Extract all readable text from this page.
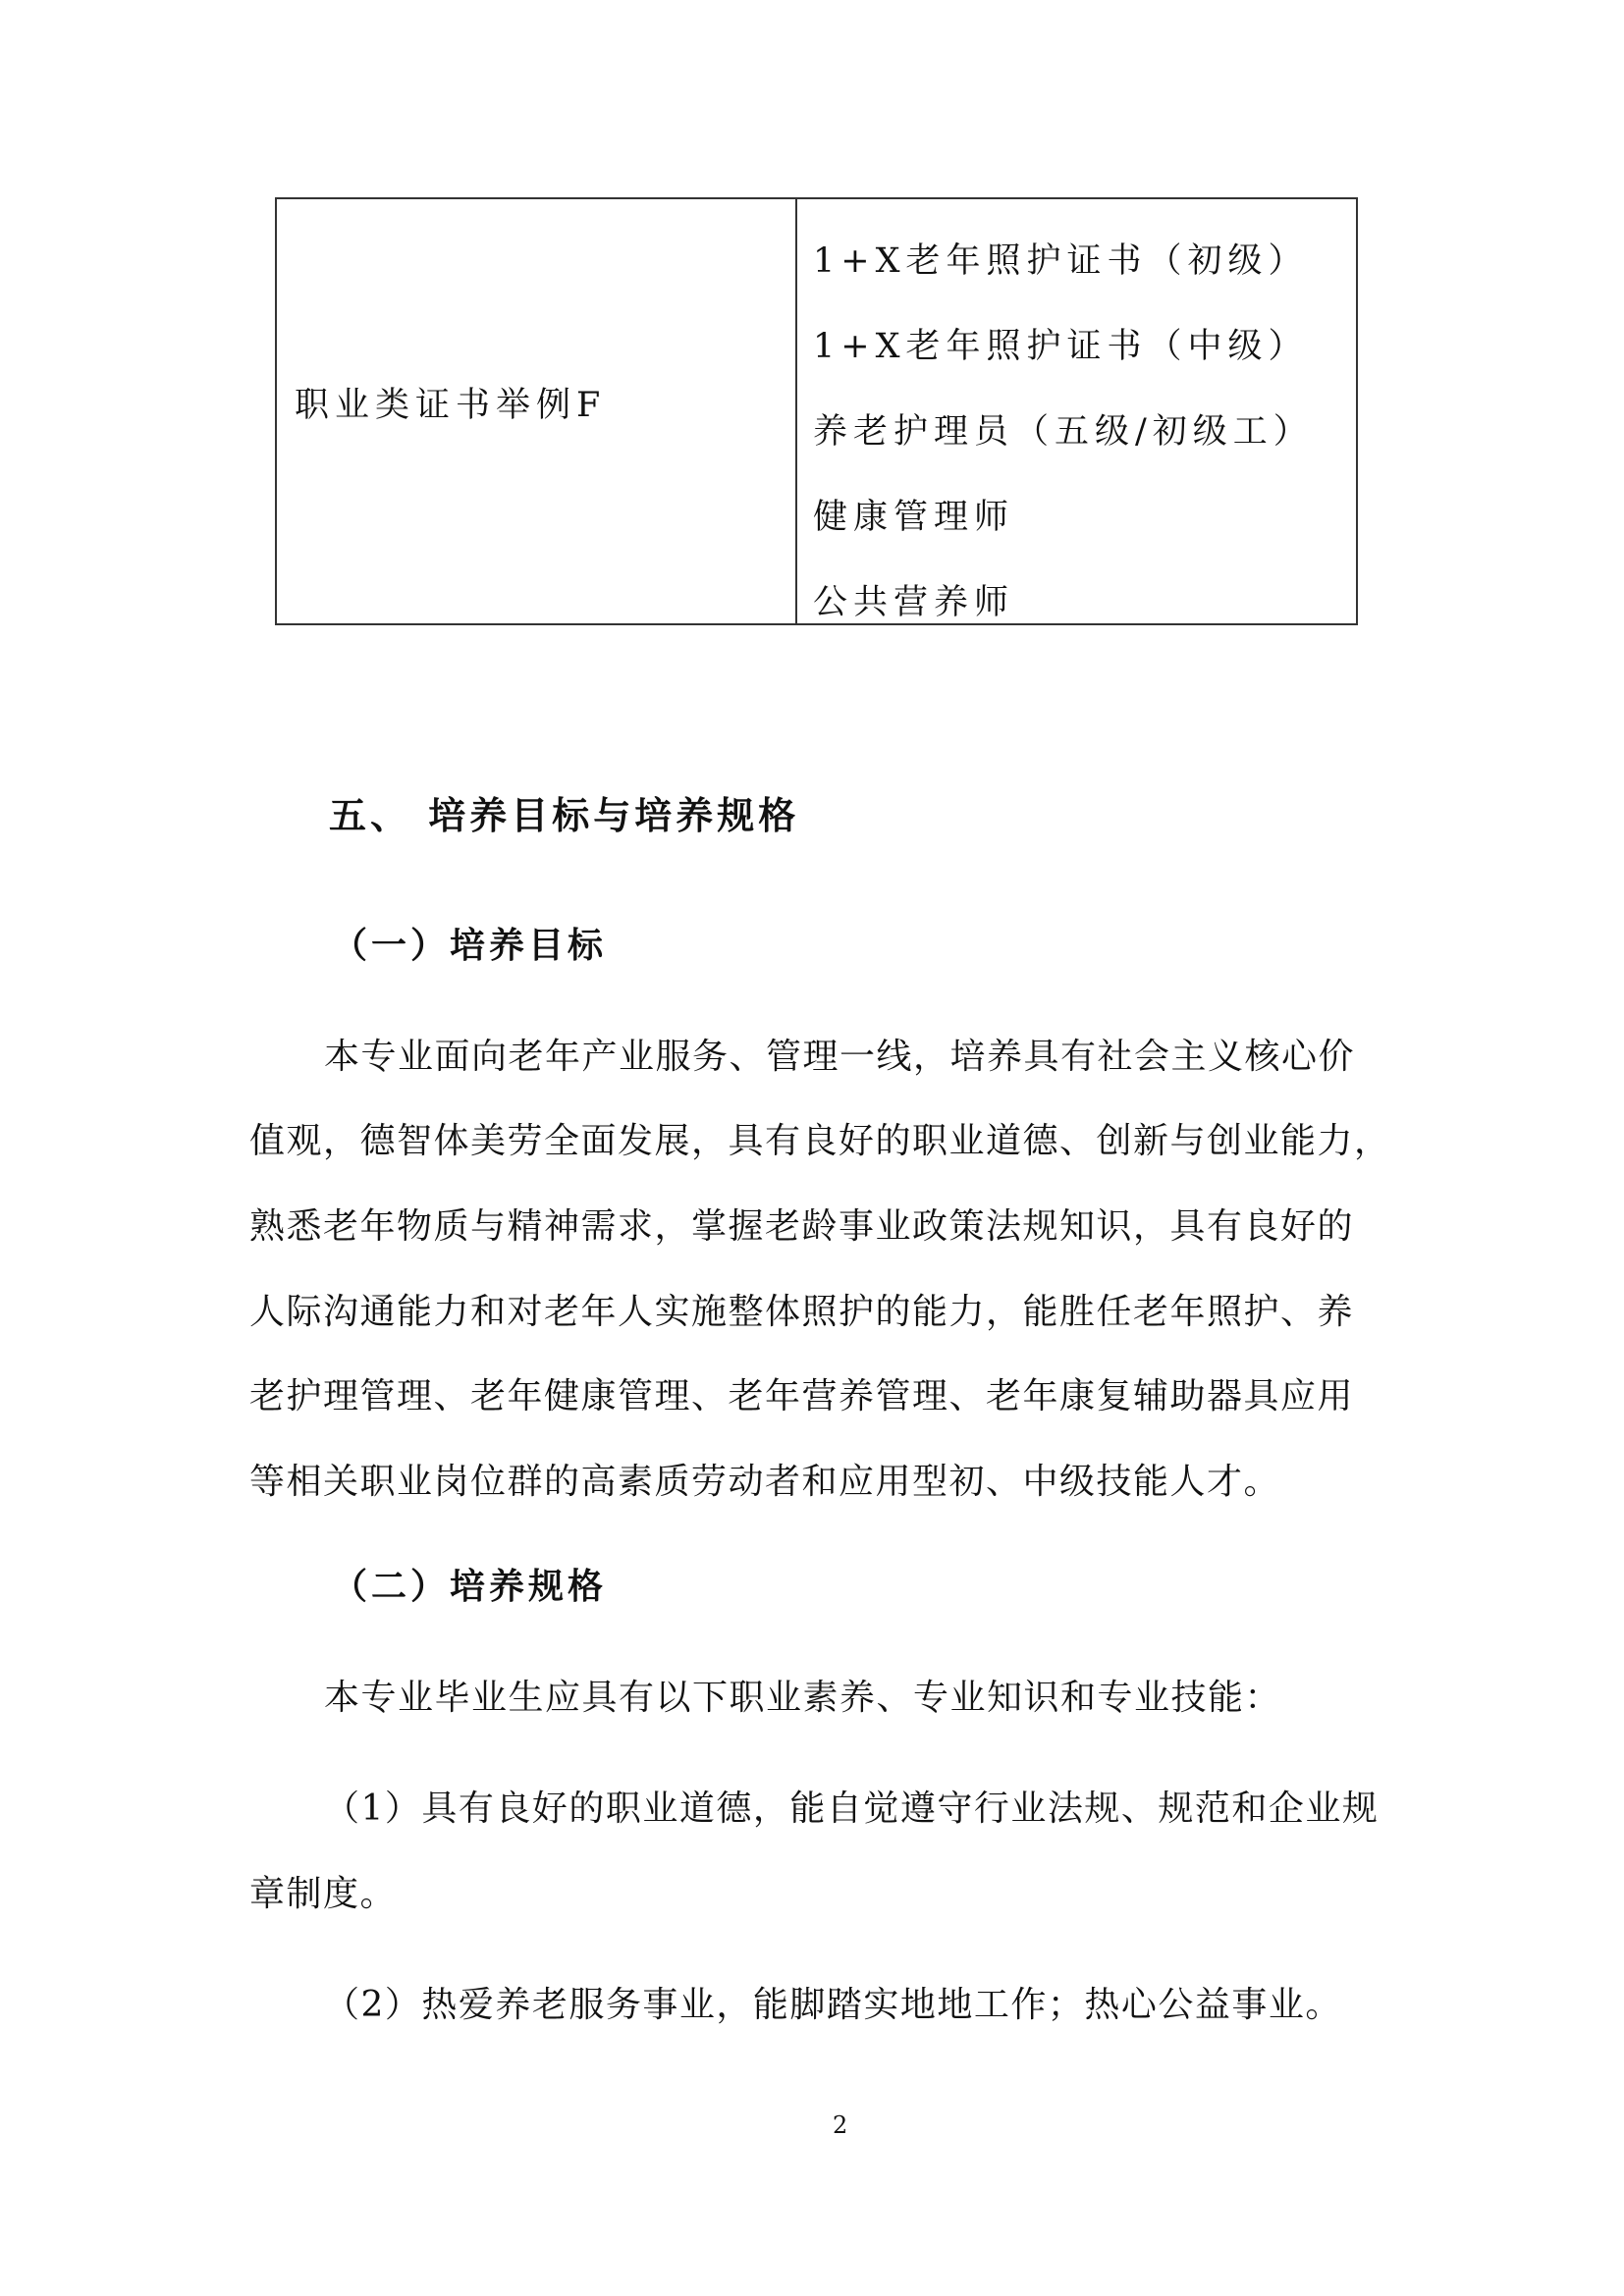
职业类证书举例F
1+X老年照护证书（初级）
1+X老年照护证书（中级）
养老护理员（五级/初级工）
健康管理师
公共营养师
五、 培养目标与培养规格
（一）培养目标
本专业面向老年产业服务、管理一线，培养具有社会主义核心价
值观，德智体美劳全面发展，具有良好的职业道德、创新与创业能力，
熟悉老年物质与精神需求，掌握老龄事业政策法规知识，具有良好的
人际沟通能力和对老年人实施整体照护的能力，能胜任老年照护、养
老护理管理、老年健康管理、老年营养管理、老年康复辅助器具应用
等相关职业岗位群的高素质劳动者和应用型初、中级技能人才。
（二）培养规格
本专业毕业生应具有以下职业素养、专业知识和专业技能：
（1）具有良好的职业道德，能自觉遵守行业法规、规范和企业规
章制度。
（2）热爱养老服务事业，能脚踏实地地工作；热心公益事业。
2
